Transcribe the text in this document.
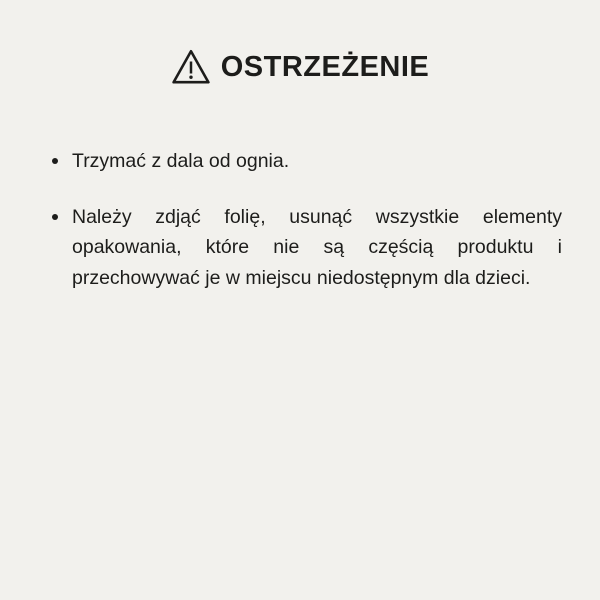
OSTRZEŻENIE
Trzymać z dala od ognia.
Należy zdjąć folię, usunąć wszystkie elementy opakowania, które nie są częścią produktu i przechowywać je w miejscu niedostępnym dla dzieci.
